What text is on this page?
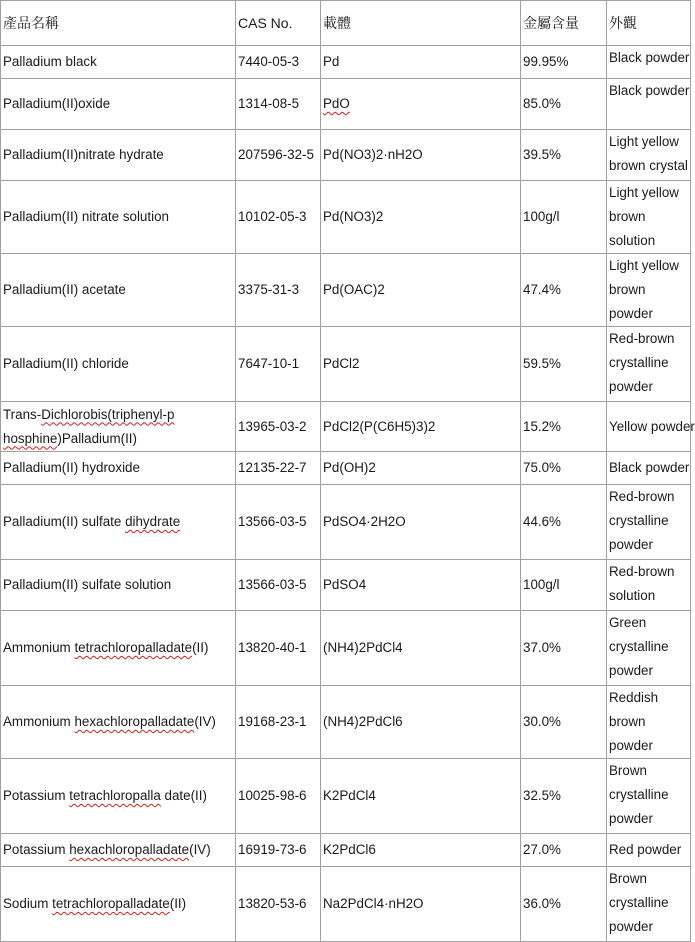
產品名稱	CAS No.	載體	金屬含量	外觀
Palladium black	7440-05-3	Pd	99.95%	Black powder
Palladium(II)oxide	1314-08-5	PdO	85.0%	Black powder
Palladium(II)nitrate hydrate	207596-32-5	Pd(NO3)2·nH2O	39.5%	Light yellow
brown crystal

Palladium(II) nitrate solution	10102-05-3	Pd(NO3)2	100g/l	Light yellow
brown solution

Palladium(II) acetate	3375-31-3	Pd(OAC)2	47.4%	Light yellow
brown powder

Palladium(II) chloride	7647-10-1	PdCl2	59.5%	Red-brown
crystalline
powder

Trans-Dichlorobis(triphenyl-p
hosphine)Palladium(II)	13965-03-2	PdCl2(P(C6H5)3)2	15.2%	Yellow powder
Palladium(II) hydroxide	12135-22-7	Pd(OH)2	75.0%	Black powder
Palladium(II) sulfate dihydrate	13566-03-5	PdSO4·2H2O	44.6%	Red-brown
crystalline
powder

Palladium(II) sulfate solution	13566-03-5	PdSO4	100g/l	Red-brown
solution

Ammonium tetrachloropalladate(II)	13820-40-1	(NH4)2PdCl4	37.0%	Green
crystalline
powder

Ammonium hexachloropalladate(IV)	19168-23-1	(NH4)2PdCl6	30.0%	Reddish
brown powder

Potassium tetrachloropalla date(II)	10025-98-6	K2PdCl4	32.5%	Brown
crystalline
powder

Potassium hexachloropalladate(IV)	16919-73-6	K2PdCl6	27.0%	Red powder
Sodium tetrachloropalladate(II)	13820-53-6	Na2PdCl4·nH2O	36.0%	Brown
crystalline
powder
